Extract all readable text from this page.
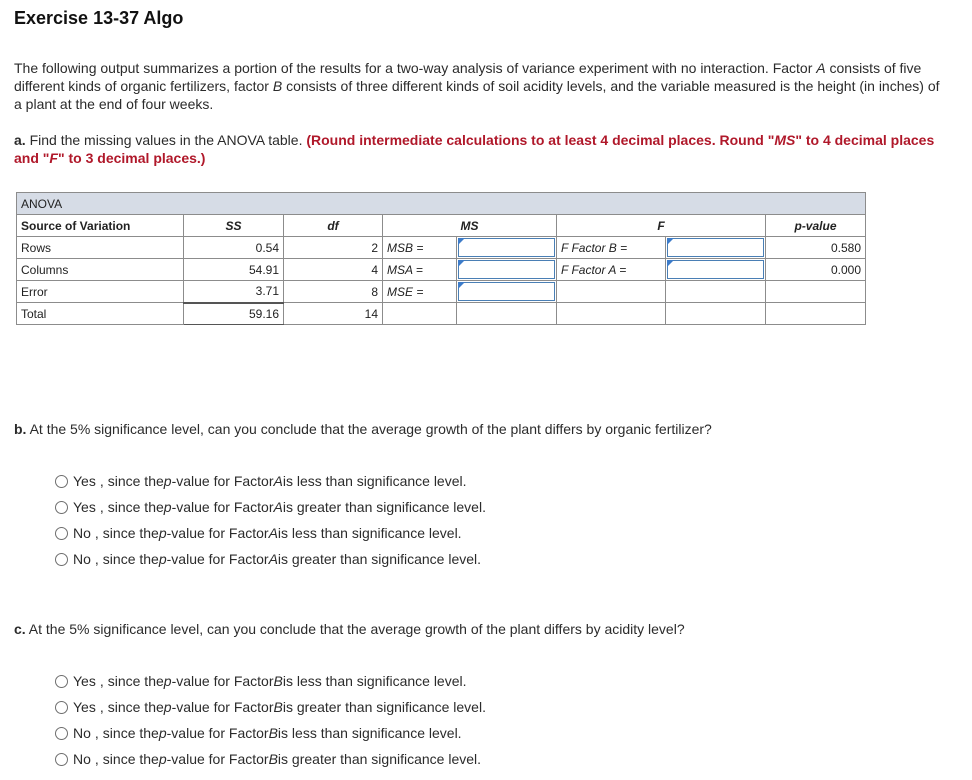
Exercise 13-37 Algo
The following output summarizes a portion of the results for a two-way analysis of variance experiment with no interaction. Factor A consists of five different kinds of organic fertilizers, factor B consists of three different kinds of soil acidity levels, and the variable measured is the height (in inches) of a plant at the end of four weeks.
a. Find the missing values in the ANOVA table. (Round intermediate calculations to at least 4 decimal places. Round "MS" to 4 decimal places and "F" to 3 decimal places.)
ANOVA							
Source of Variation	SS	df	MS		F		p-value
Rows	0.54	2	MSB =		F Factor B =		0.580
Columns	54.91	4	MSA =		F Factor A =		0.000
Error	3.71	8	MSE =	

Total	59.16	14					
b. At the 5% significance level, can you conclude that the average growth of the plant differs by organic fertilizer?
Yes , since the p -value for Factor A is less than significance level.
Yes , since the p -value for Factor A is greater than significance level.
No , since the p -value for Factor A is less than significance level.
No , since the p -value for Factor A is greater than significance level.
c. At the 5% significance level, can you conclude that the average growth of the plant differs by acidity level?
Yes , since the p -value for Factor B is less than significance level.
Yes , since the p -value for Factor B is greater than significance level.
No , since the p -value for Factor B is less than significance level.
No , since the p -value for Factor B is greater than significance level.
